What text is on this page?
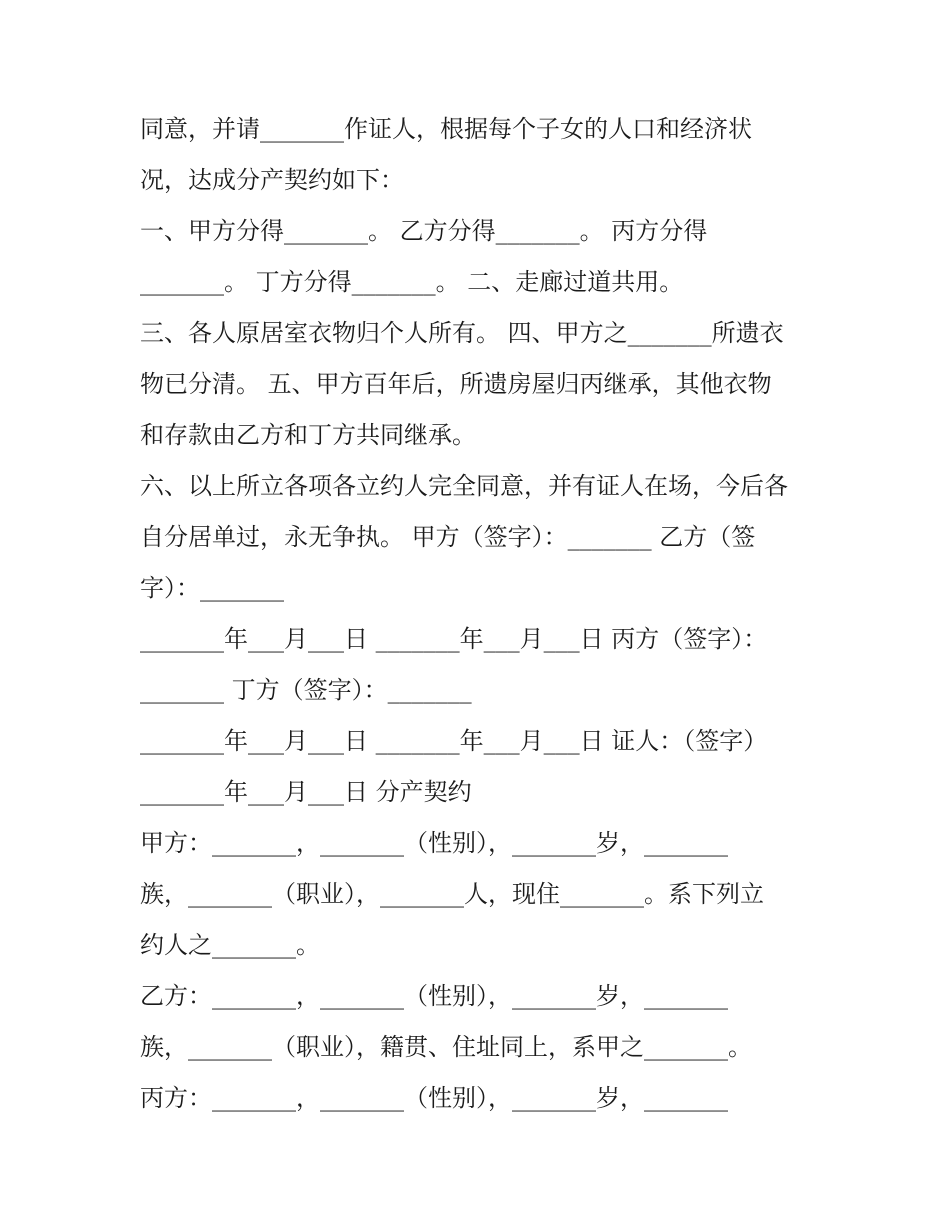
同意，并请_______作证人，根据每个子女的人口和经济状
况，达成分产契约如下：
一、甲方分得_______。 乙方分得_______。 丙方分得
_______。 丁方分得_______。 二、走廊过道共用。
三、各人原居室衣物归个人所有。 四、甲方之_______所遗衣
物已分清。 五、甲方百年后，所遗房屋归丙继承，其他衣物
和存款由乙方和丁方共同继承。
六、以上所立各项各立约人完全同意，并有证人在场，今后各
自分居单过，永无争执。 甲方（签字）：_______ 乙方（签
字）：_______
_______年___月___日 _______年___月___日 丙方（签字）：
_______ 丁方（签字）：_______
_______年___月___日 _______年___月___日 证人：（签字）
_______年___月___日 分产契约
甲方：_______，_______（性别），_______岁，_______
族，_______（职业），_______人，现住_______。系下列立
约人之_______。
乙方：_______，_______（性别），_______岁，_______
族，_______（职业），籍贯、住址同上，系甲之_______。
丙方：_______，_______（性别），_______岁，_______
